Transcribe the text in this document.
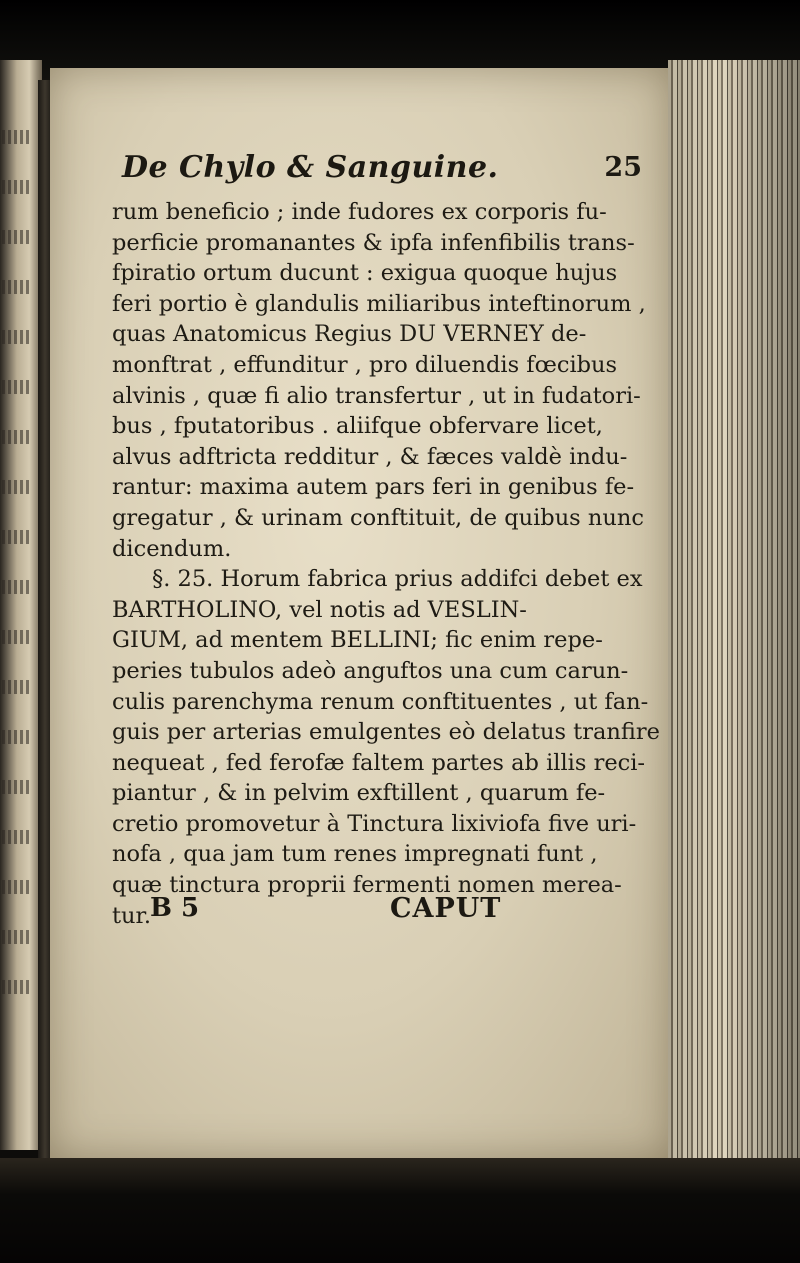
De Chylo & Sanguine.	25
rum beneficio ; inde fudores ex corporis fu-
perficie promanantes & ipfa infenfibilis trans-
fpiratio ortum ducunt : exigua quoque hujus
feri portio è glandulis miliaribus inteftinorum ,
quas Anatomicus Regius DU VERNEY de-
monftrat , effunditur , pro diluendis fœcibus
alvinis , quæ fi alio transfertur , ut in fudatori-
bus , fputatoribus . aliifque obfervare licet,
alvus adftricta redditur , & fæces valdè indu-
rantur: maxima autem pars feri in genibus fe-
gregatur , & urinam conftituit, de quibus nunc
dicendum.
§. 25. Horum fabrica prius addifci debet ex
BARTHOLINO, vel notis ad VESLIN-
GIUM, ad mentem BELLINI; fic enim repe-
peries tubulos adeò anguftos una cum carun-
culis parenchyma renum conftituentes , ut fan-
guis per arterias emulgentes eò delatus tranfire
nequeat , fed ferofæ faltem partes ab illis reci-
piantur , & in pelvim exftillent , quarum fe-
cretio promovetur à Tinctura lixiviofa five uri-
nofa , qua jam tum renes impregnati funt ,
quæ tinctura proprii fermenti nomen merea-
tur. B 5	CAPUT
